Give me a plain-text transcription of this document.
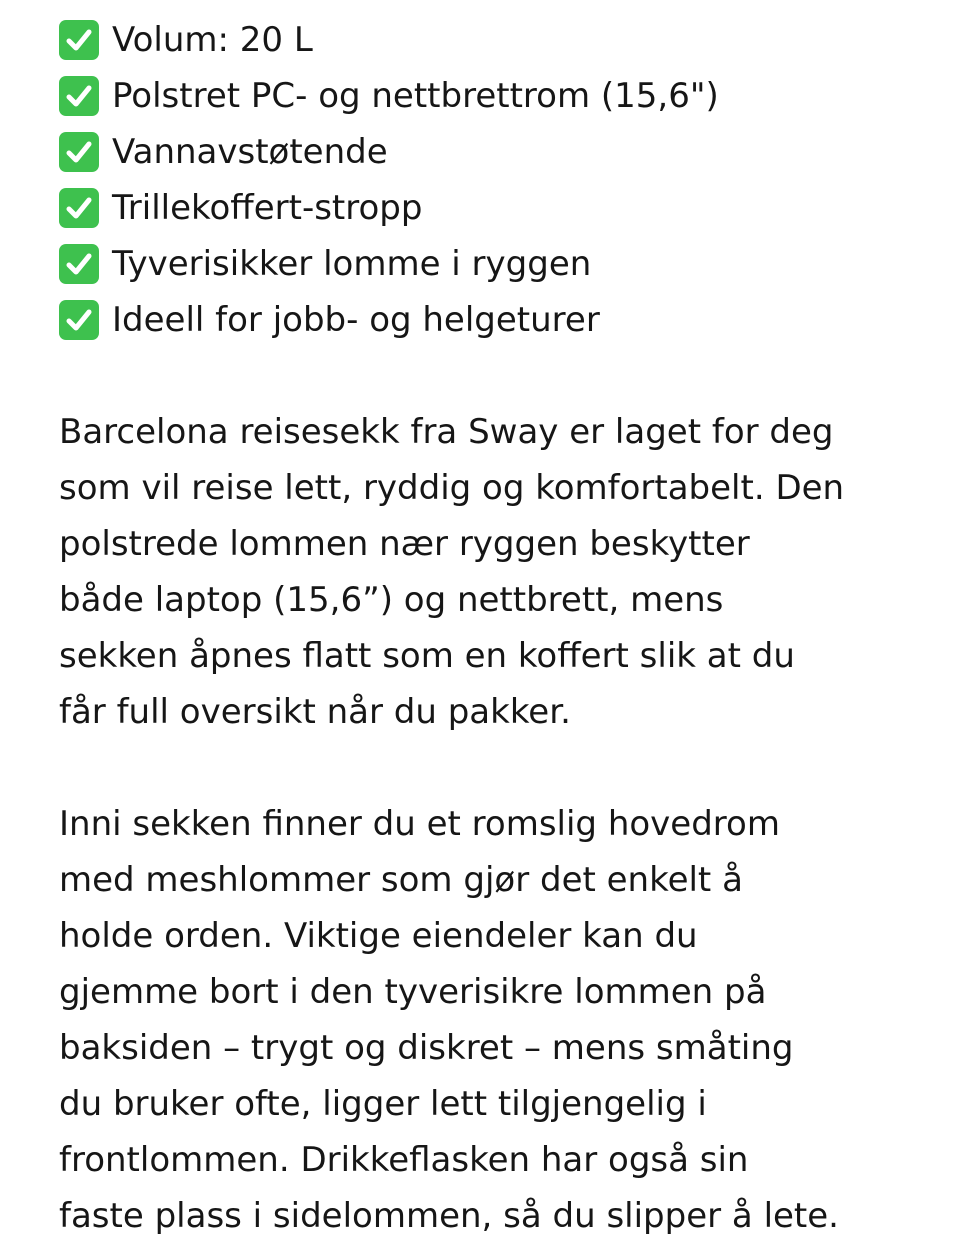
Volum: 20 L
Polstret PC- og nettbrettrom (15,6")
Vannavstøtende
Trillekoffert-stropp
Tyverisikker lomme i ryggen
Ideell for jobb- og helgeturer

Barcelona reisesekk fra Sway er laget for deg
som vil reise lett, ryddig og komfortabelt. Den
polstrede lommen nær ryggen beskytter
både laptop (15,6”) og nettbrett, mens
sekken åpnes flatt som en koffert slik at du
får full oversikt når du pakker.

Inni sekken finner du et romslig hovedrom
med meshlommer som gjør det enkelt å
holde orden. Viktige eiendeler kan du
gjemme bort i den tyverisikre lommen på
baksiden – trygt og diskret – mens småting
du bruker ofte, ligger lett tilgjengelig i
frontlommen. Drikkeflasken har også sin
faste plass i sidelommen, så du slipper å lete.
